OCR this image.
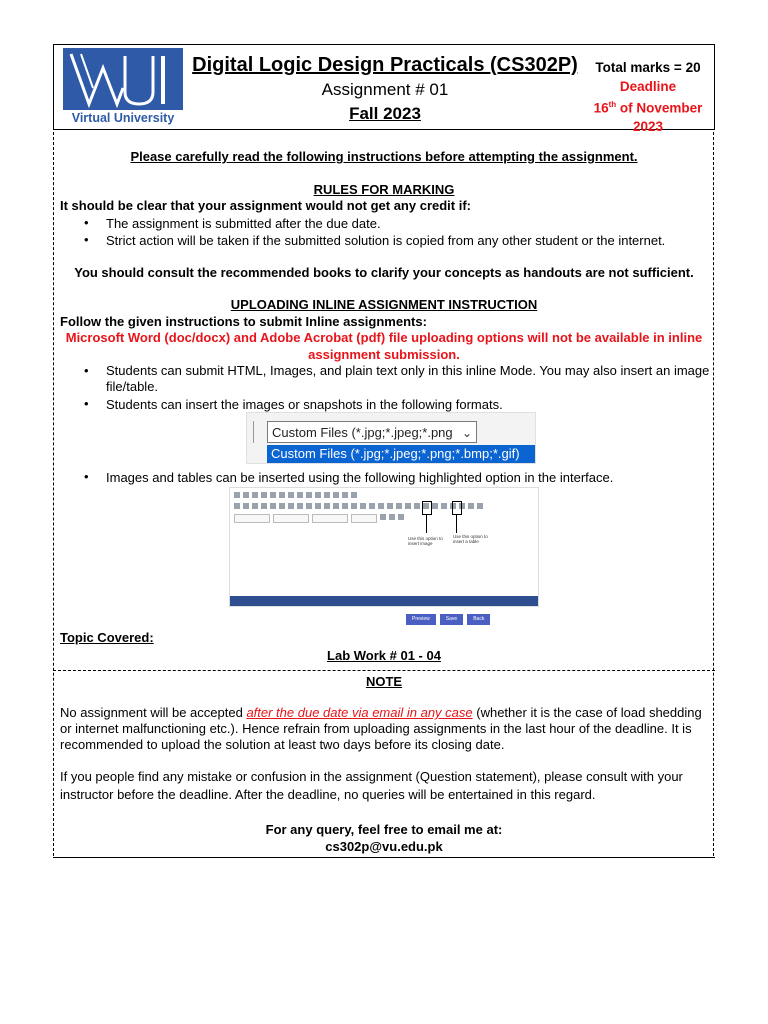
Virtual University
Digital Logic Design Practicals (CS302P)
Assignment # 01
Fall 2023
Total marks = 20
Deadline
16th of November
2023
Please carefully read the following instructions before attempting the assignment.
RULES FOR MARKING
It should be clear that your assignment would not get any credit if:
•
The assignment is submitted after the due date.
•
Strict action will be taken if the submitted solution is copied from any other student or the internet.
You should consult the recommended books to clarify your concepts as handouts are not sufficient.
UPLOADING INLINE ASSIGNMENT INSTRUCTION
Follow the given instructions to submit Inline assignments:
Microsoft Word (doc/docx) and Adobe Acrobat (pdf) file uploading options will not be available in inline
assignment submission.
•
Students can submit HTML, Images, and plain text only in this inline Mode. You may also insert an image
file/table.
•
Students can insert the images or snapshots in the following formats.
Custom Files (*.jpg;*.jpeg;*.png ⌄
Custom Files (*.jpg;*.jpeg;*.png;*.bmp;*.gif)
•
Images and tables can be inserted using the following highlighted option in the interface.
Use this option to insert image
Use this option to insert a table
Preview	Save	Back
Topic Covered:
Lab Work # 01 - 04
NOTE
No assignment will be accepted after the due date via email in any case (whether it is the case of load shedding
or internet malfunctioning etc.). Hence refrain from uploading assignments in the last hour of the deadline. It is
recommended to upload the solution at least two days before its closing date.
If you people find any mistake or confusion in the assignment (Question statement), please consult with your
instructor before the deadline. After the deadline, no queries will be entertained in this regard.
For any query, feel free to email me at:
cs302p@vu.edu.pk
